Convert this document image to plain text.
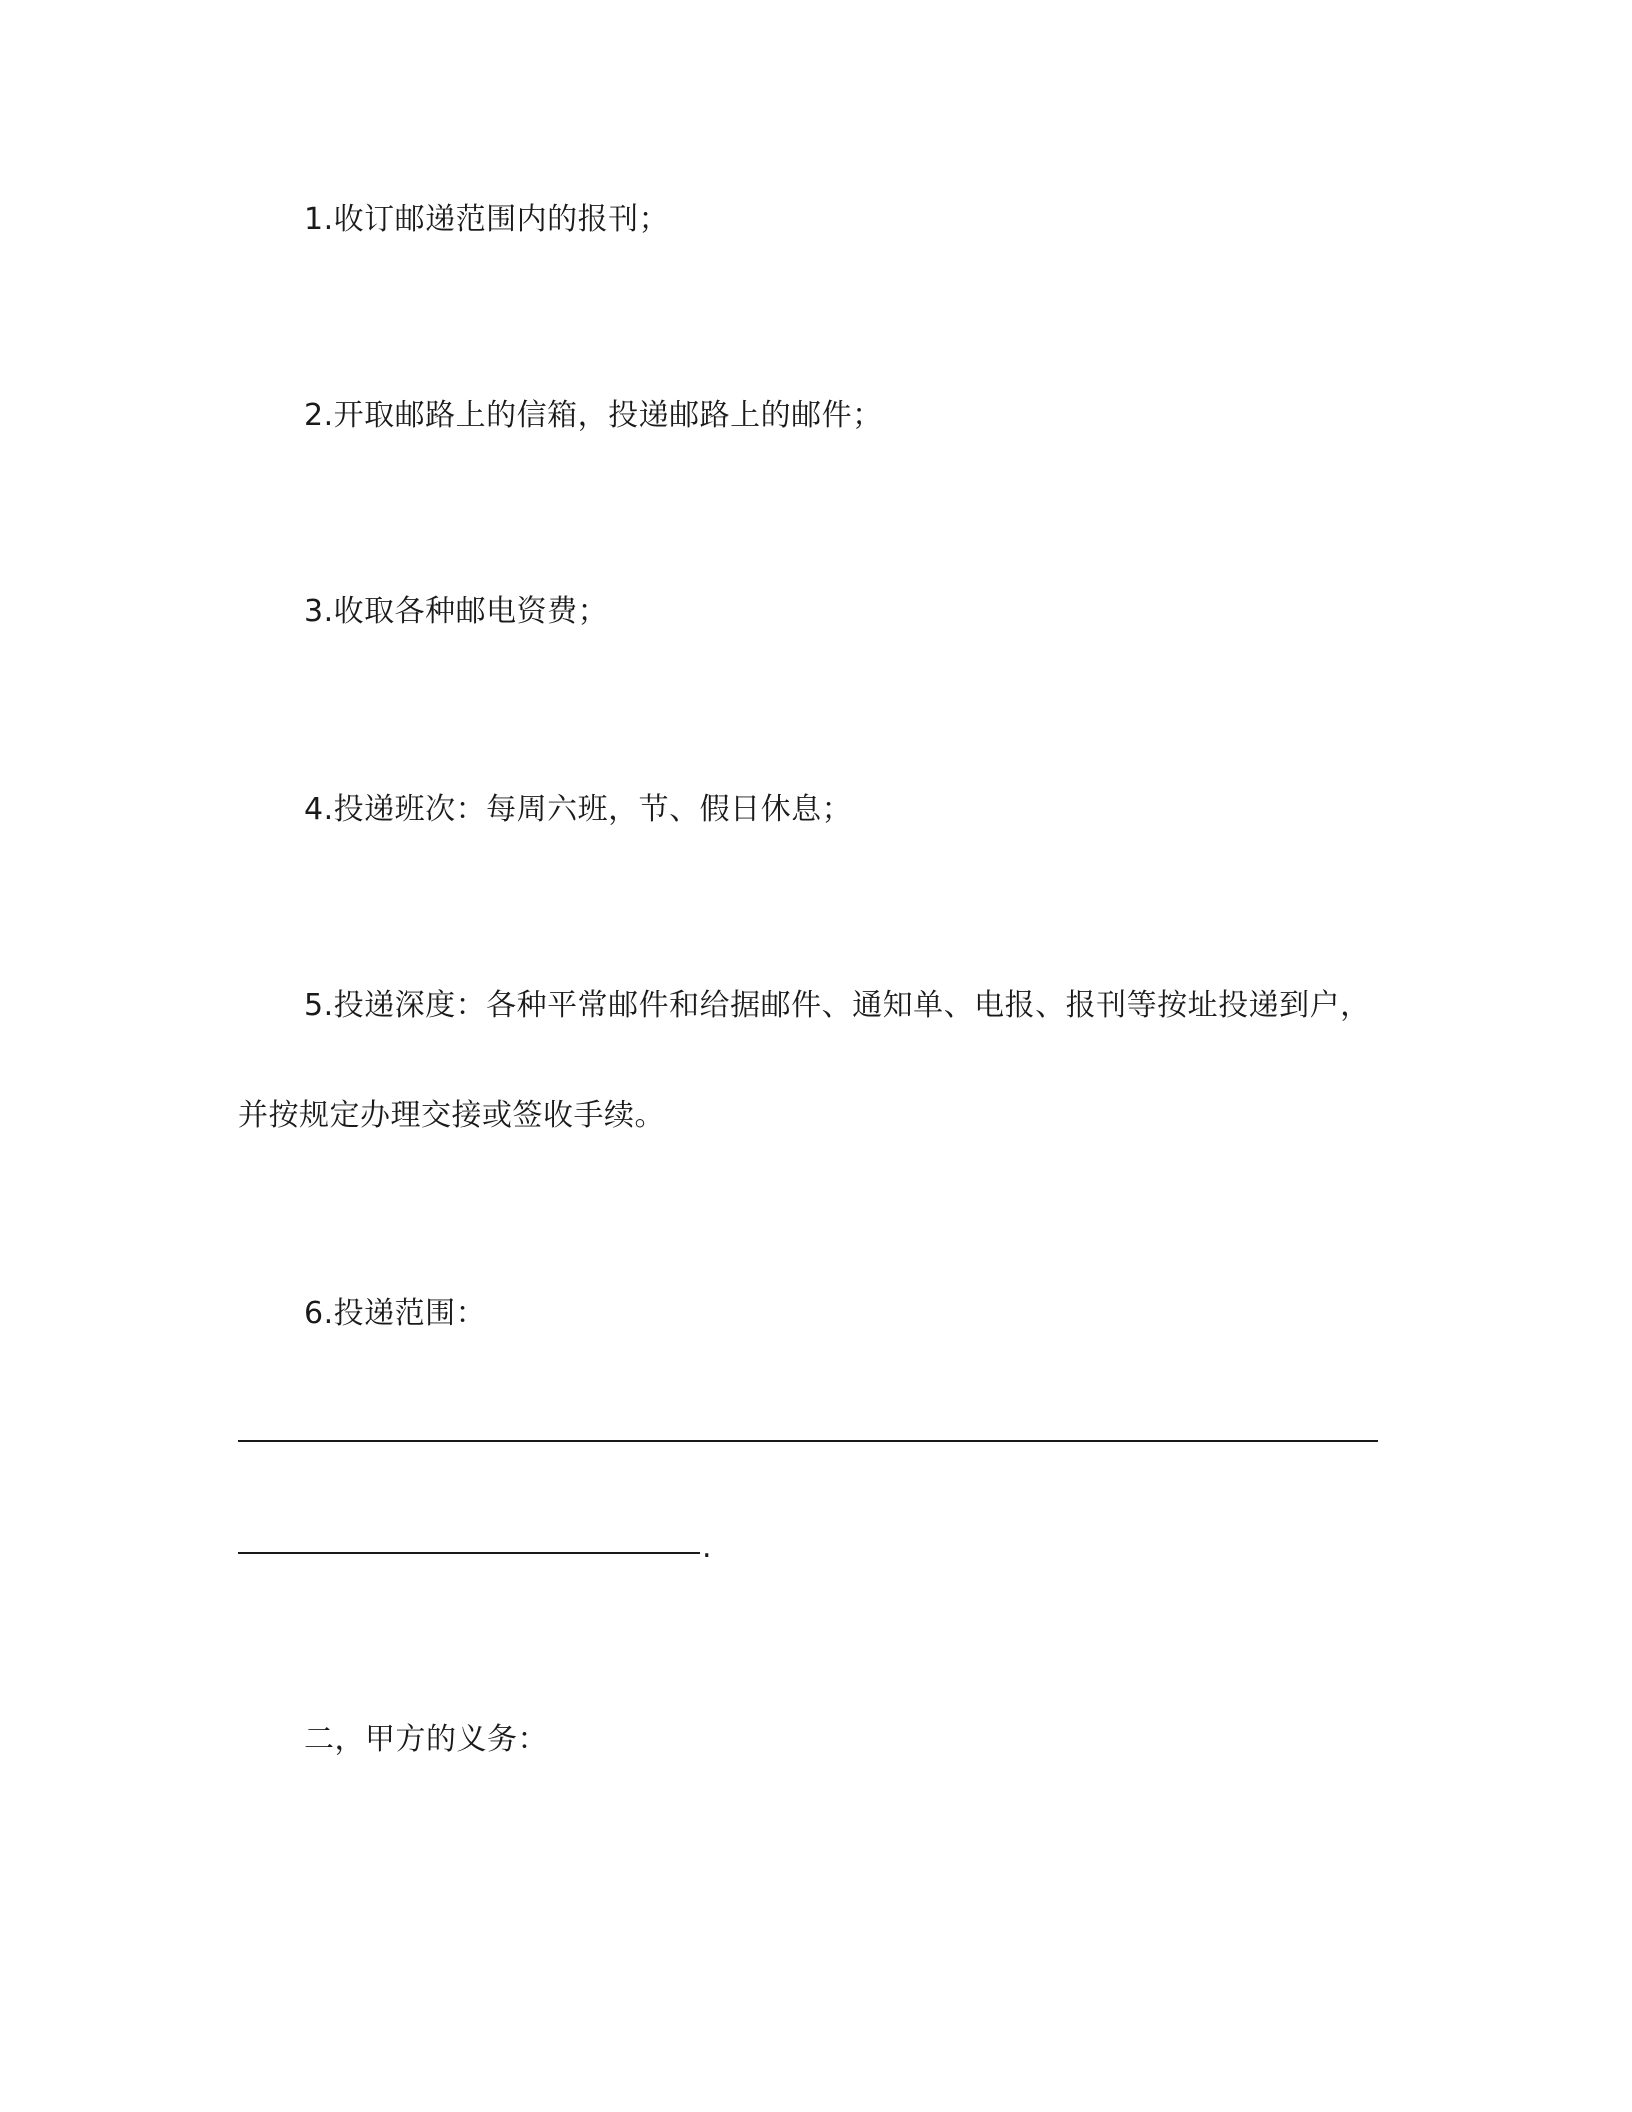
1.收订邮递范围内的报刊；
2.开取邮路上的信箱，投递邮路上的邮件；
3.收取各种邮电资费；
4.投递班次：每周六班，节、假日休息；
5.投递深度：各种平常邮件和给据邮件、通知单、电报、报刊等按址投递到户，
并按规定办理交接或签收手续。
6.投递范围：
.
二，甲方的义务：
